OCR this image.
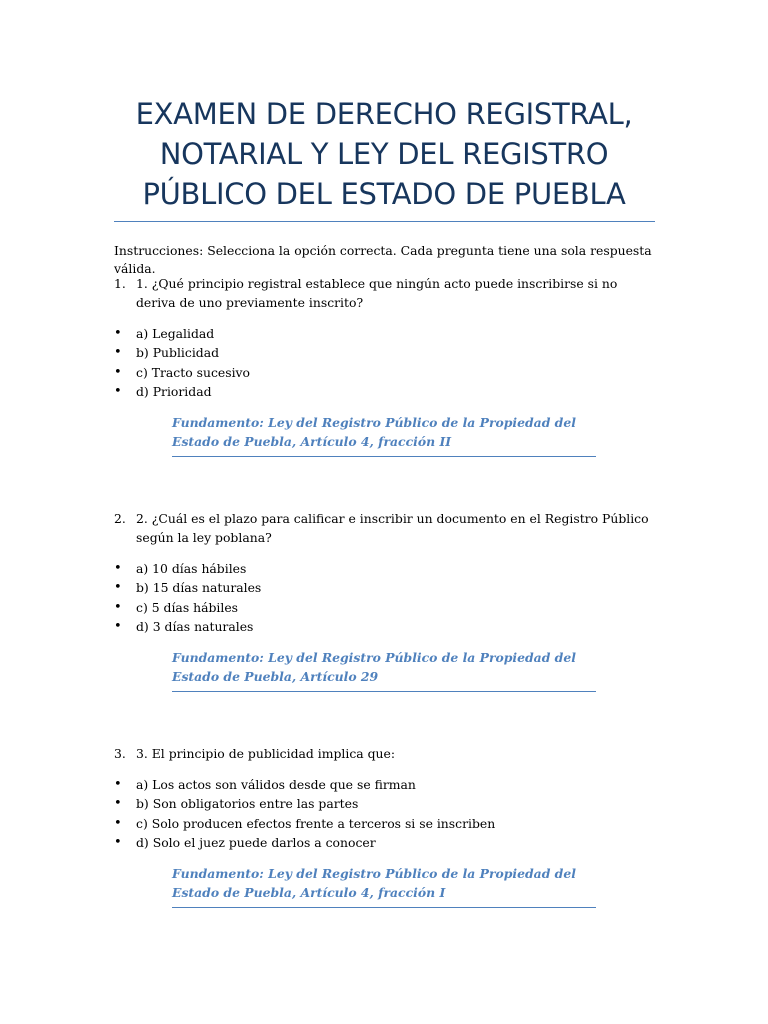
EXAMEN DE DERECHO REGISTRAL, NOTARIAL Y LEY DEL REGISTRO PÚBLICO DEL ESTADO DE PUEBLA

Instrucciones: Selecciona la opción correcta. Cada pregunta tiene una sola respuesta válida.

1. 1. ¿Qué principio registral establece que ningún acto puede inscribirse si no deriva de uno previamente inscrito?
• a) Legalidad
• b) Publicidad
• c) Tracto sucesivo
• d) Prioridad
Fundamento: Ley del Registro Público de la Propiedad del Estado de Puebla, Artículo 4, fracción II
2. 2. ¿Cuál es el plazo para calificar e inscribir un documento en el Registro Público según la ley poblana?
• a) 10 días hábiles
• b) 15 días naturales
• c) 5 días hábiles
• d) 3 días naturales
Fundamento: Ley del Registro Público de la Propiedad del Estado de Puebla, Artículo 29
3. 3. El principio de publicidad implica que:
• a) Los actos son válidos desde que se firman
• b) Son obligatorios entre las partes
• c) Solo producen efectos frente a terceros si se inscriben
• d) Solo el juez puede darlos a conocer
Fundamento: Ley del Registro Público de la Propiedad del Estado de Puebla, Artículo 4, fracción I
